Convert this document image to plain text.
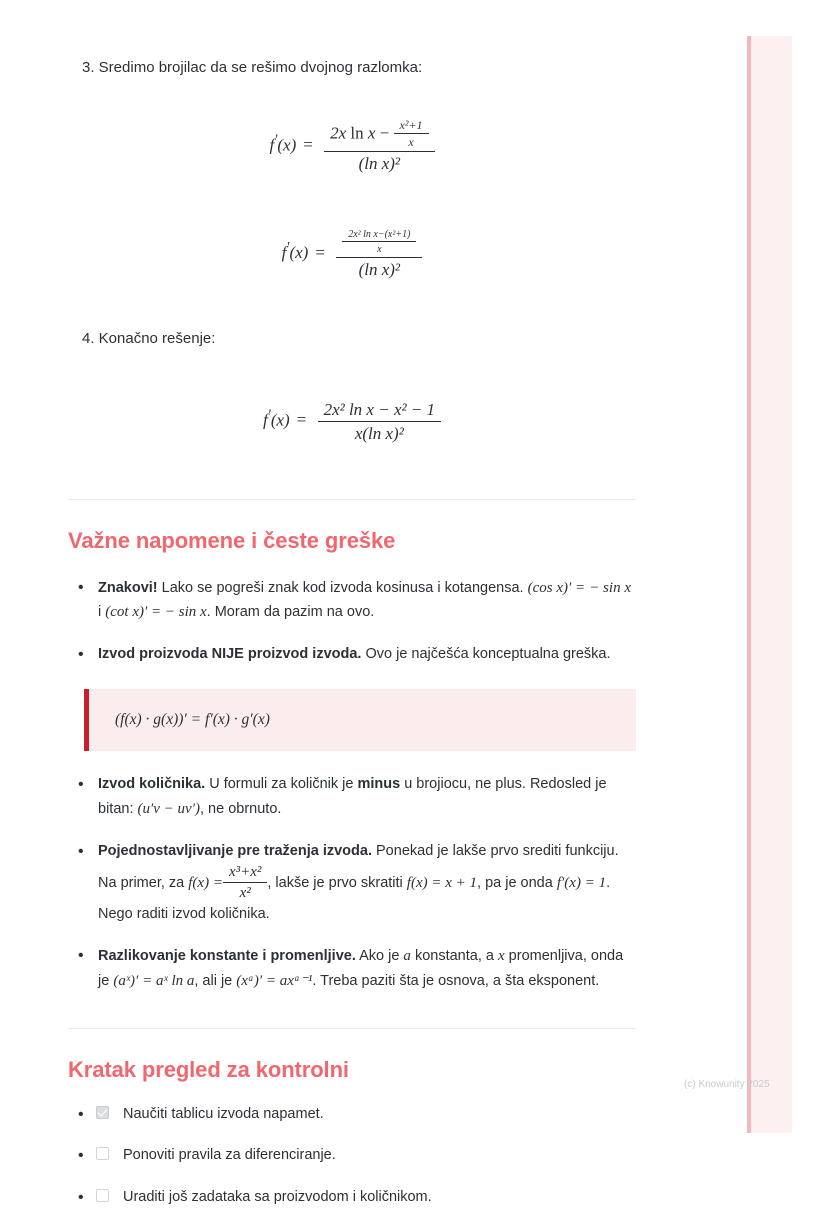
3. Sredimo brojilac da se rešimo dvojnog razlomka:

$f'(x) = \frac{2x \ln x - \frac{\text{x²+1}}{x}}{\text{(ln x)²}}$
$f'(x) = \frac{\frac{\text{2x² ln x−(x²+1)}}{x}}{\text{(ln x)²}}$

4. Konačno rešenje:

$f'(x) = \frac{\text{2x² ln x − x² − 1}}{\text{x(ln x)²}}$
Važne napomene i česte greške
• Znakovi! Lako se pogreši znak kod izvoda kosinusa i kotangensa. (cos x)′ = − sin x i (cot x)′ = − sin x. Moram da pazim na ovo.
• Izvod proizvoda NIJE proizvod izvoda. Ovo je najčešća konceptualna greška.
(f(x) · g(x))′ = f′(x) · g′(x)
• Izvod količnika. U formuli za količnik je minus u brojiocu, ne plus. Redosled je bitan: (u′v − uv′), ne obrnuto.
• Pojednostavljivanje pre traženja izvoda. Ponekad je lakše prvo srediti funkciju. Na primer, za $f(x) = \frac{\text{x³+x²}}{\text{x²}}$ , lakše je prvo skratiti f(x) = x + 1, pa je onda f′(x) = 1. Nego raditi izvod količnika.
• Razlikovanje konstante i promenljive. Ako je a konstanta, a x promenljiva, onda je (aˣ)′ = aˣ ln a, ali je (xᵃ)′ = axᵃ⁻¹. Treba paziti šta je osnova, a šta eksponent.
Kratak pregled za kontrolni
• Naučiti tablicu izvoda napamet.
• Ponoviti pravila za diferenciranje.
• Uraditi još zadataka sa proizvodom i količnikom.
(c) Knowunity 2025
